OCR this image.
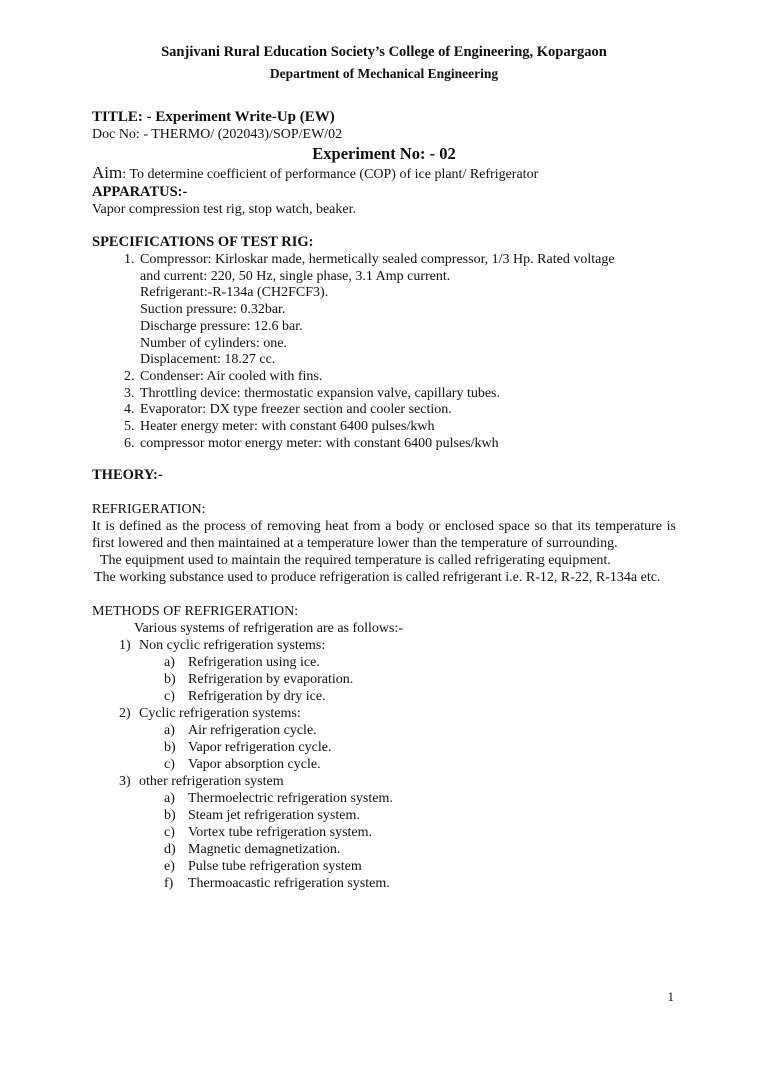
Sanjivani Rural Education Society’s College of Engineering, Kopargaon
Department of Mechanical Engineering
TITLE: - Experiment Write-Up (EW)
Doc No: - THERMO/ (202043)/SOP/EW/02
Experiment No: - 02
Aim: To determine coefficient of performance (COP) of ice plant/ Refrigerator
APPARATUS:-
Vapor compression test rig, stop watch, beaker.
SPECIFICATIONS OF TEST RIG:
1. Compressor: Kirloskar made, hermetically sealed compressor, 1/3 Hp. Rated voltage
and current: 220, 50 Hz, single phase, 3.1 Amp current.
Refrigerant:-R-134a (CH2FCF3).
Suction pressure: 0.32bar.
Discharge pressure: 12.6 bar.
Number of cylinders: one.
Displacement: 18.27 cc.
2. Condenser: Air cooled with fins.
3. Throttling device: thermostatic expansion valve, capillary tubes.
4. Evaporator: DX type freezer section and cooler section.
5. Heater energy meter: with constant 6400 pulses/kwh
6. compressor motor energy meter: with constant 6400 pulses/kwh
THEORY:-
REFRIGERATION:
It is defined as the process of removing heat from a body or enclosed space so that its temperature is first lowered and then maintained at a temperature lower than the temperature of surrounding.
The equipment used to maintain the required temperature is called refrigerating equipment.
The working substance used to produce refrigeration is called refrigerant i.e. R-12, R-22, R-134a etc.
METHODS OF REFRIGERATION:
Various systems of refrigeration are as follows:-
1) Non cyclic refrigeration systems:
a) Refrigeration using ice.
b) Refrigeration by evaporation.
c) Refrigeration by dry ice.
2) Cyclic refrigeration systems:
a) Air refrigeration cycle.
b) Vapor refrigeration cycle.
c) Vapor absorption cycle.
3) other refrigeration system
a) Thermoelectric refrigeration system.
b) Steam jet refrigeration system.
c) Vortex tube refrigeration system.
d) Magnetic demagnetization.
e) Pulse tube refrigeration system
f) Thermoacastic refrigeration system.
1
